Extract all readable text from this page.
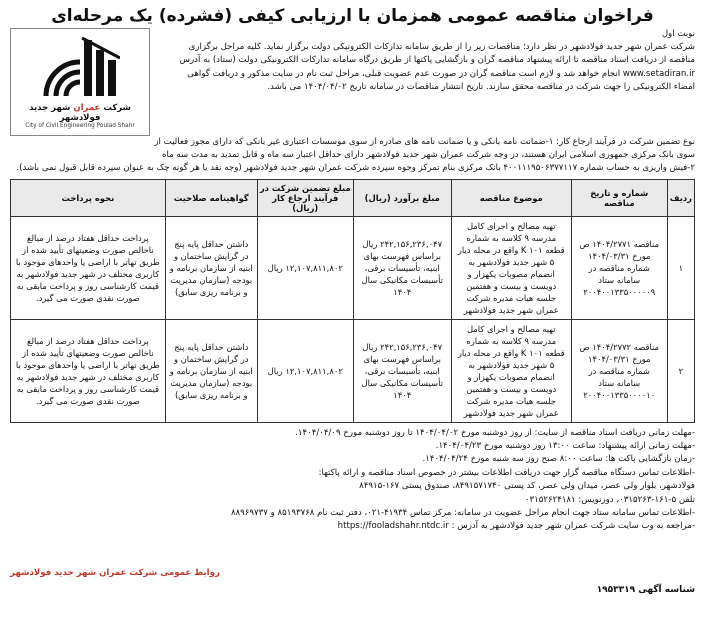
فراخوان مناقصه عمومی همزمان با ارزیابی کیفی (فشرده) یک مرحله‌ای
شرکت عمران شهر جدید فولادشهر
City of Civil Engineering Poulad Shahr

نوبت اول

شرکت عمران شهر جدید فولادشهر در نظر دارد؛ مناقصات زیر را از طریق سامانه تدارکات الکترونیکی دولت برگزار نماید. کلیه مراحل برگزاری

مناقصه از دریافت اسناد مناقصه تا ارائه پیشنهاد مناقصه گران و بازگشایی پاکتها از طریق درگاه سامانه تدارکات الکترونیکی دولت (ستاد) به آدرس

www.setadiran.ir انجام خواهد شد و لازم است مناقصه گران در صورت عدم عضویت قبلی، مراحل ثبت نام در سایت مذکور و دریافت گواهی

امضاء الکترونیکی را جهت شرکت در مناقصه محقق سازند. تاریخ انتشار مناقصات در سامانه تاریخ ۱۴۰۴/۰۴/۰۲ می باشد.

نوع تضمین شرکت در فرآیند ارجاع کار: ۱-ضمانت نامه بانکی و یا ضمانت نامه های صادره از سوی موسسات اعتباری غیر بانکی که دارای مجوز فعالیت از

سوی بانک مرکزی جمهوری اسلامی ایران هستند، در وجه شرکت عمران شهر جدید فولادشهر دارای حداقل اعتبار سه ماه و قابل تمدید به مدت سه ماه

۲-فیش واریزی به حساب شماره ۴۰۰۱۱۱۹۵۰۶۳۷۷۱۱۷ بانک مرکزی بنام تمرکز وجوه سپرده شرکت عمران شهر جدید فولادشهر (وجه نقد یا هر گونه چک به عنوان سپرده قابل قبول نمی باشد).

ردیف	شماره و تاریخ مناقصه	موضوع مناقصه	مبلغ برآورد (ریال)	مبلغ تضمین شرکت در فرآیند ارجاع کار (ریال)	گواهینامه صلاحیت	نحوه پرداخت
۱	مناقصه ۱۴۰۴/۲۷۷۱ ص مورخ ۱۴۰۴/۰۳/۳۱ شماره مناقصه در سامانه ستاد ۲۰۰۴۰۰۱۳۳۵۰۰۰۰۰۹	تهیه مصالح و اجرای کامل مدرسه ۹ کلاسه به شماره قطعه ۱۰۱ K واقع در محله دیار ۵ شهر جدید فولادشهر به انضمام مصوبات یکهزار و دویست و بیست و هفتمین جلسه هیات مدیره شرکت عمران شهر جدید فولادشهر	۲۴۲,۱۵۶,۲۳۶,۰۴۷ ریال براساس فهرست بهای ابنیه، تأسیسات برقی، تأسیسات مکانیکی سال ۱۴۰۴	۱۲,۱۰۷,۸۱۱,۸۰۲ ریال	داشتن حداقل پایه پنج در گرایش ساختمان و ابنیه از سازمان برنامه و بودجه (سازمان مدیریت و برنامه ریزی سابق)	پرداخت حداقل هفتاد درصد از مبالغ ناخالص صورت وضعیتهای تأیید شده از طریق تهاتر با اراضی یا واحدهای موجود با کاربری مختلف در شهر جدید فولادشهر به قیمت کارشناسی روز و پرداخت مابقی به صورت نقدی صورت می گیرد.
۲	مناقصه ۱۴۰۴/۲۷۷۲ ص مورخ ۱۴۰۴/۰۳/۳۱ شماره مناقصه در سامانه ستاد ۲۰۰۴۰۰۱۳۳۵۰۰۰۰۱۰	تهیه مصالح و اجرای کامل مدرسه ۹ کلاسه به شماره قطعه ۱۰۱ K واقع در محله دیار ۵ شهر جدید فولادشهر به انضمام مصوبات یکهزار و دویست و بیست و هفتمین جلسه هیات مدیره شرکت عمران شهر جدید فولادشهر	۲۴۲,۱۵۶,۲۳۶,۰۴۷ ریال براساس فهرست بهای ابنیه، تأسیسات برقی، تأسیسات مکانیکی سال ۱۴۰۴	۱۲,۱۰۷,۸۱۱,۸۰۲ ریال	داشتن حداقل پایه پنج در گرایش ساختمان و ابنیه از سازمان برنامه و بودجه (سازمان مدیریت و برنامه ریزی سابق)	پرداخت حداقل هفتاد درصد از مبالغ ناخالص صورت وضعیتهای تأیید شده از طریق تهاتر با اراضی یا واحدهای موجود با کاربری مختلف در شهر جدید فولادشهر به قیمت کارشناسی روز و پرداخت مابقی به صورت نقدی صورت می گیرد.

-مهلت زمانی دریافت اسناد مناقصه از سایت: از روز دوشنبه مورخ ۱۴۰۴/۰۴/۰۲ تا روز دوشنبه مورخ ۱۴۰۴/۰۴/۰۹.

-مهلت زمانی ارائه پیشنهاد: ساعت ۱۳:۰۰ روز دوشنبه مورخ ۱۴۰۴/۰۴/۲۳.

-زمان بازگشایی پاکت ها: ساعت ۸:۰۰ صبح روز سه شنبه مورخ ۱۴۰۴/۰۴/۲۴.

-اطلاعات تماس دستگاه مناقصه گزار جهت دریافت اطلاعات بیشتر در خصوص اسناد مناقصه و ارائه پاکتها:

فولادشهر، بلوار ولی عصر، میدان ولی عصر، کد پستی ۸۴۹۱۵۷۱۷۴۰، صندوق پستی ۱۶۷-۸۴۹۱۵

تلفن ۵-۱۶۱-۰۳۱۵۲۶۳، دورنویس: ۰۳۱۵۲۶۲۴۱۸۱

-اطلاعات تماس سامانه ستاد جهت انجام مراحل عضویت در سامانه: مرکز تماس ۴۱۹۳۴-۰۲۱، دفتر ثبت نام ۸۵۱۹۳۷۶۸ و ۸۸۹۶۹۷۳۷

-مراجعه به وب سایت شرکت عمران شهر جدید فولادشهر به آدرس : https://fooladshahr.ntdc.ir

روابط عمومی شرکت عمران شهر جدید فولادشهر
شناسه آگهی ۱۹۵۳۳۱۹
